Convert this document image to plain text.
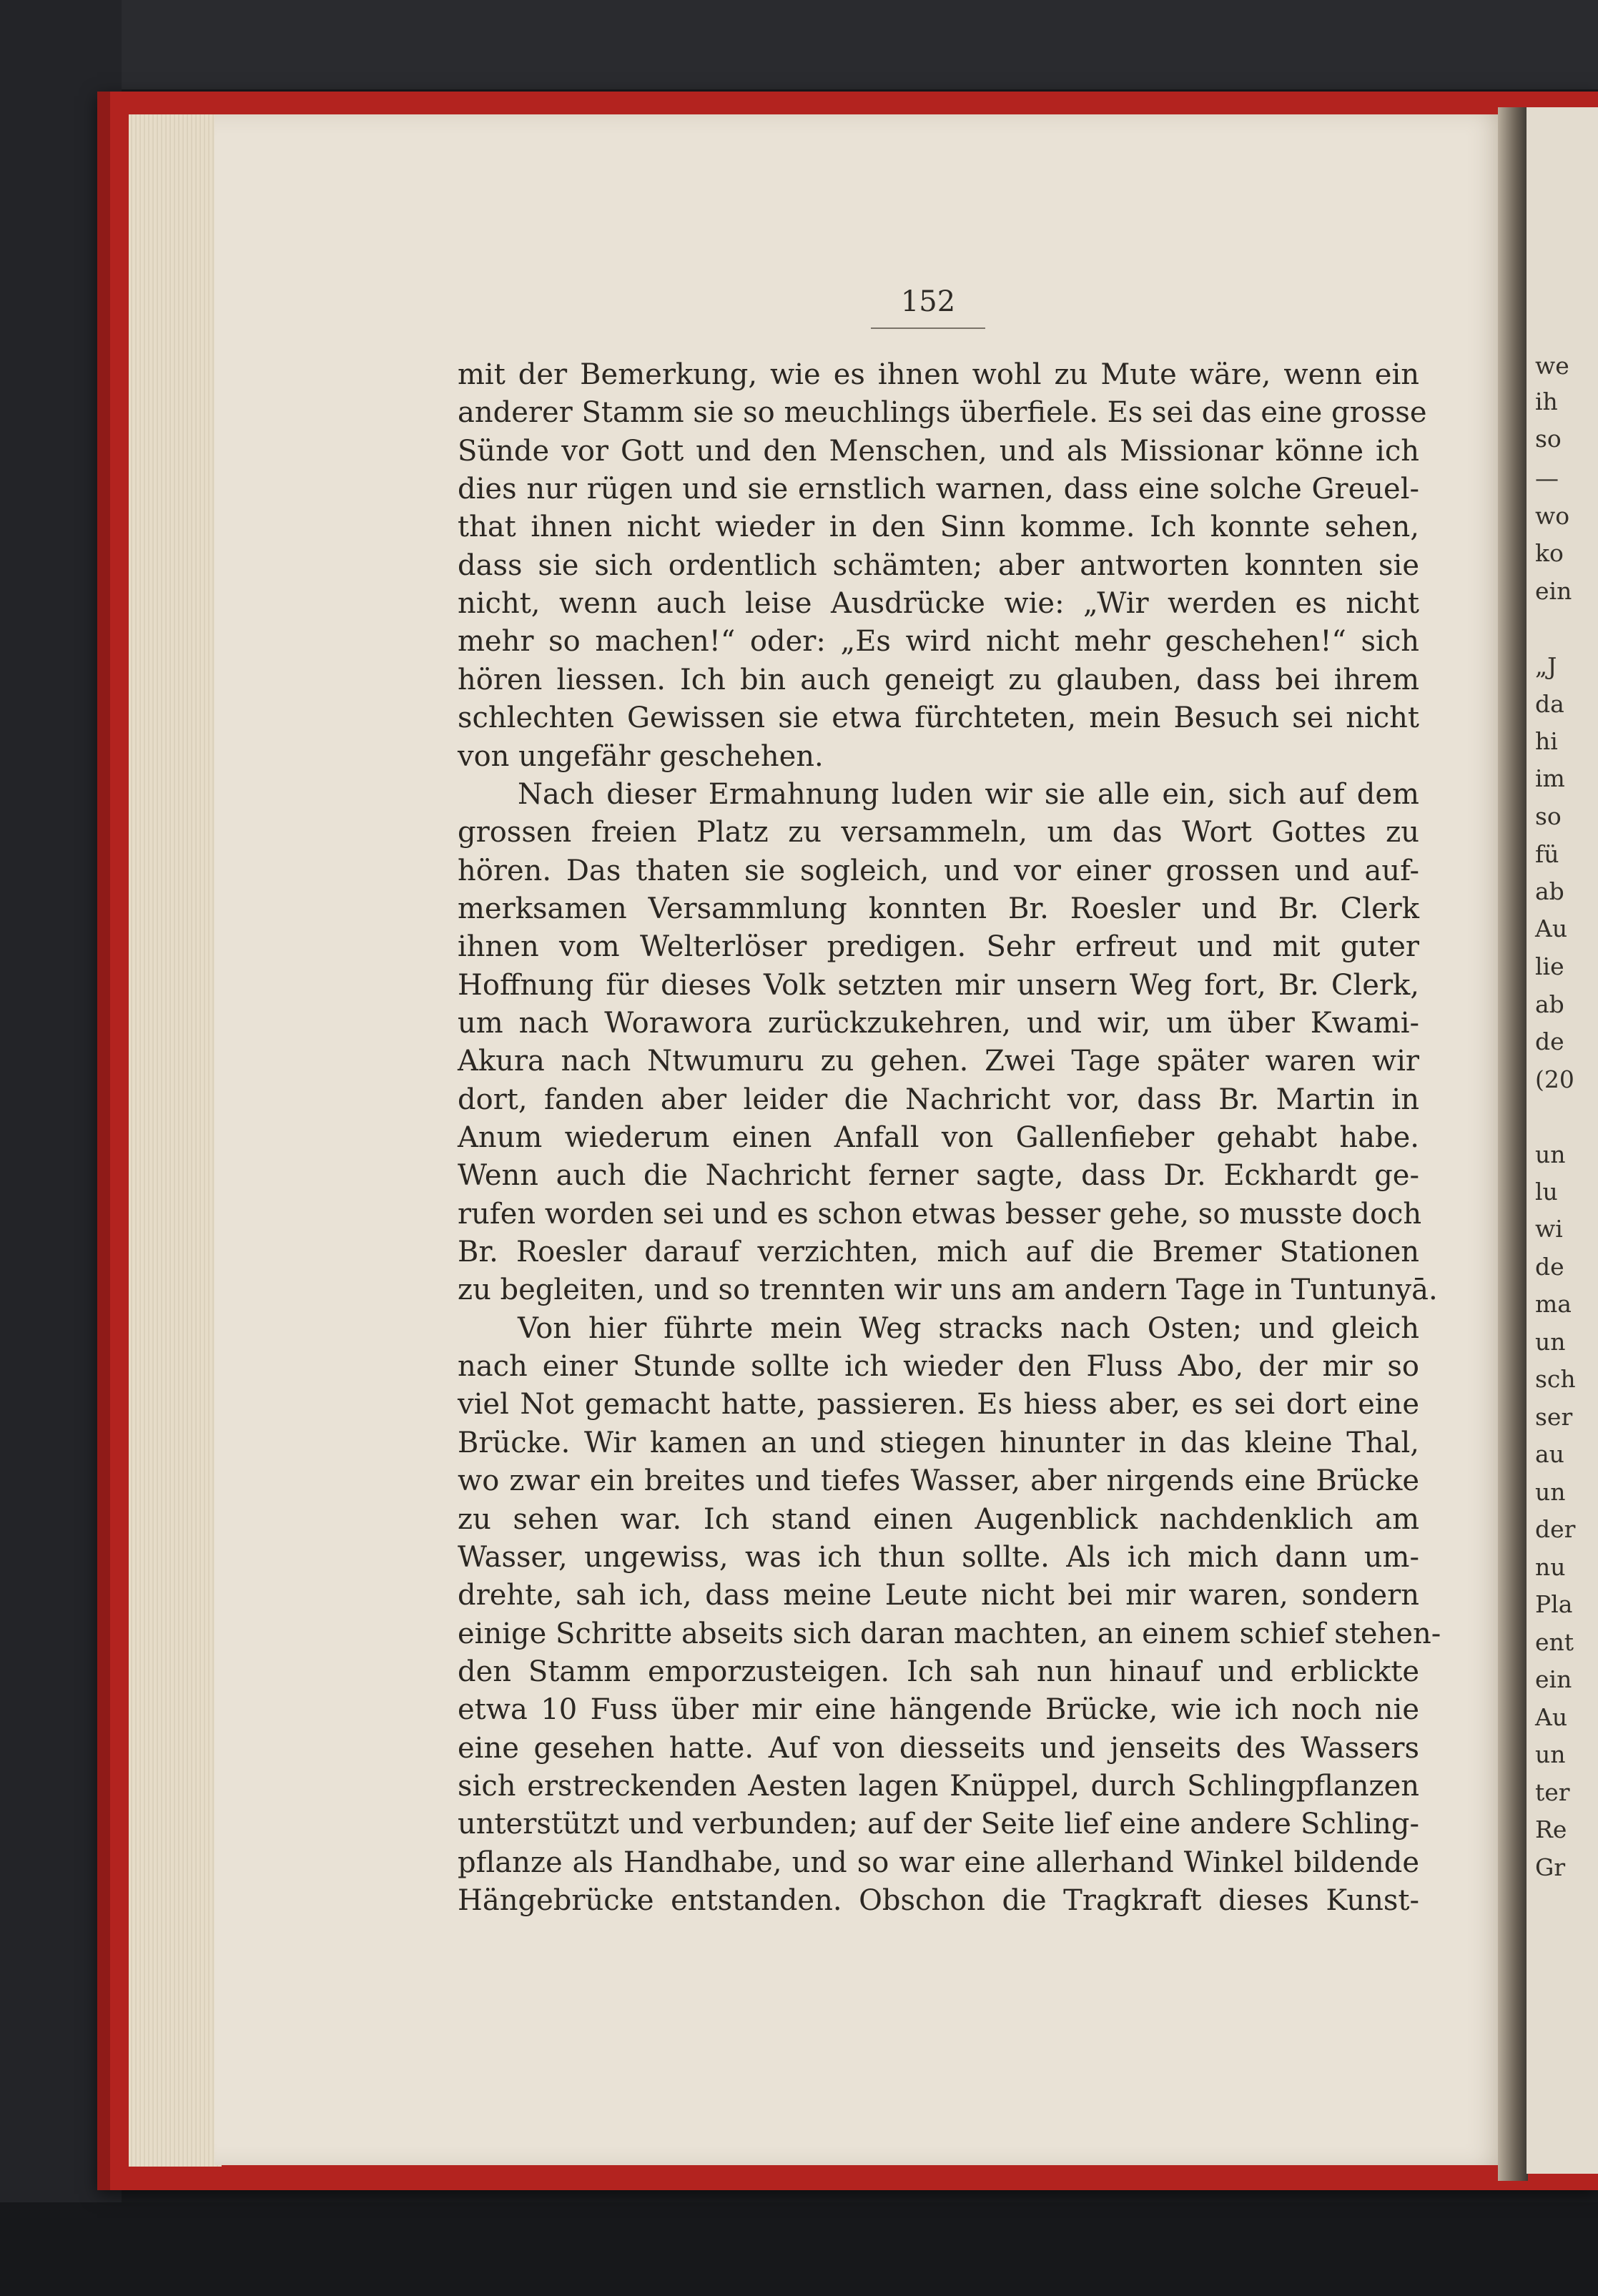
we
ih
so
—
wo
ko
ein
„J
da
hi
im
so
fü
ab
Au
lie
ab
de
(20
un
lu
wi
de
ma
un
sch
ser
au
un
der
nu
Pla
ent
ein
Au
un
ter
Re
Gr
152
mit der Bemerkung, wie es ihnen wohl zu Mute wäre, wenn ein
anderer Stamm sie so meuchlings überfiele. Es sei das eine grosse
Sünde vor Gott und den Menschen, und als Missionar könne ich
dies nur rügen und sie ernstlich warnen, dass eine solche Greuel-
that ihnen nicht wieder in den Sinn komme. Ich konnte sehen,
dass sie sich ordentlich schämten; aber antworten konnten sie
nicht, wenn auch leise Ausdrücke wie: „Wir werden es nicht
mehr so machen!“ oder: „Es wird nicht mehr geschehen!“ sich
hören liessen. Ich bin auch geneigt zu glauben, dass bei ihrem
schlechten Gewissen sie etwa fürchteten, mein Besuch sei nicht
von ungefähr geschehen.
Nach dieser Ermahnung luden wir sie alle ein, sich auf dem
grossen freien Platz zu versammeln, um das Wort Gottes zu
hören. Das thaten sie sogleich, und vor einer grossen und auf-
merksamen Versammlung konnten Br. Roesler und Br. Clerk
ihnen vom Welterlöser predigen. Sehr erfreut und mit guter
Hoffnung für dieses Volk setzten mir unsern Weg fort, Br. Clerk,
um nach Worawora zurückzukehren, und wir, um über Kwami-
Akura nach Ntwumuru zu gehen. Zwei Tage später waren wir
dort, fanden aber leider die Nachricht vor, dass Br. Martin in
Anum wiederum einen Anfall von Gallenfieber gehabt habe.
Wenn auch die Nachricht ferner sagte, dass Dr. Eckhardt ge-
rufen worden sei und es schon etwas besser gehe, so musste doch
Br. Roesler darauf verzichten, mich auf die Bremer Stationen
zu begleiten, und so trennten wir uns am andern Tage in Tuntunyā.
Von hier führte mein Weg stracks nach Osten; und gleich
nach einer Stunde sollte ich wieder den Fluss Abo, der mir so
viel Not gemacht hatte, passieren. Es hiess aber, es sei dort eine
Brücke. Wir kamen an und stiegen hinunter in das kleine Thal,
wo zwar ein breites und tiefes Wasser, aber nirgends eine Brücke
zu sehen war. Ich stand einen Augenblick nachdenklich am
Wasser, ungewiss, was ich thun sollte. Als ich mich dann um-
drehte, sah ich, dass meine Leute nicht bei mir waren, sondern
einige Schritte abseits sich daran machten, an einem schief stehen-
den Stamm emporzusteigen. Ich sah nun hinauf und erblickte
etwa 10 Fuss über mir eine hängende Brücke, wie ich noch nie
eine gesehen hatte. Auf von diesseits und jenseits des Wassers
sich erstreckenden Aesten lagen Knüppel, durch Schlingpflanzen
unterstützt und verbunden; auf der Seite lief eine andere Schling-
pflanze als Handhabe, und so war eine allerhand Winkel bildende
Hängebrücke entstanden. Obschon die Tragkraft dieses Kunst-
